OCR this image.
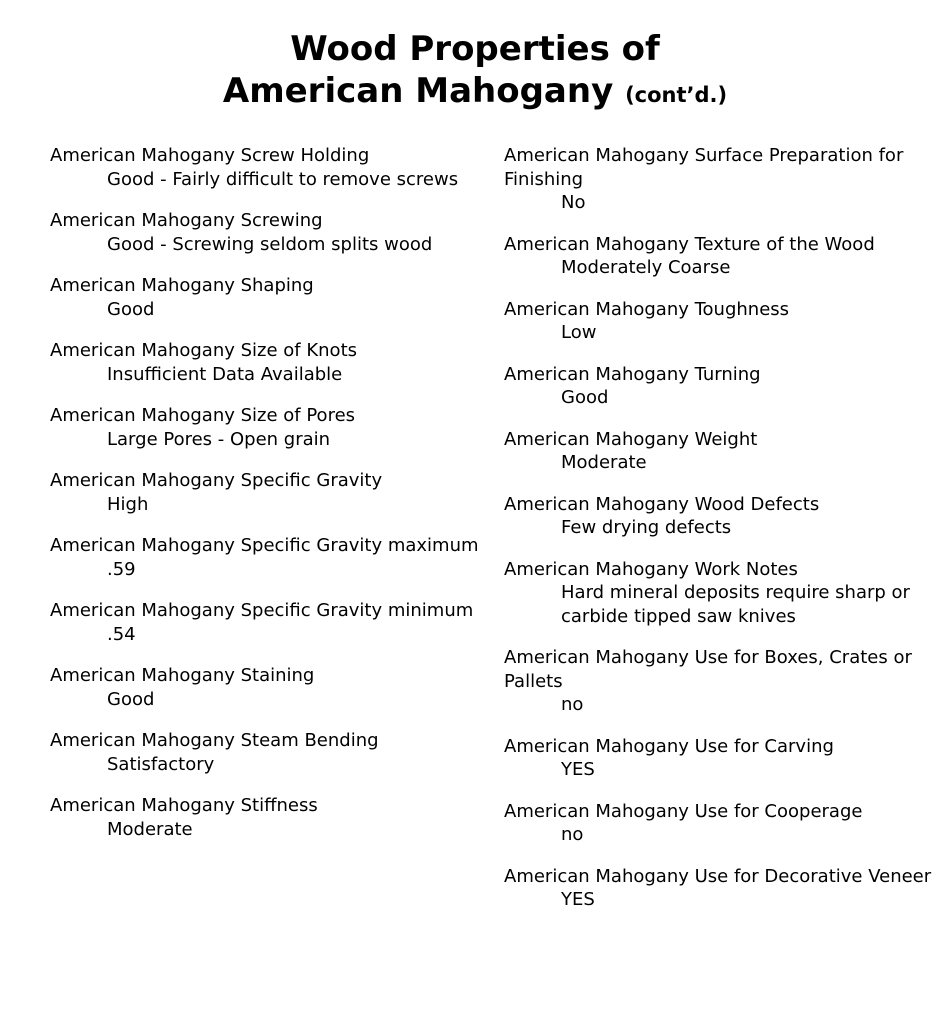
Wood Properties of
American Mahogany (cont’d.)
American Mahogany Screw Holding
Good - Fairly difficult to remove screws
American Mahogany Screwing
Good - Screwing seldom splits wood
American Mahogany Shaping
Good
American Mahogany Size of Knots
Insufficient Data Available
American Mahogany Size of Pores
Large Pores - Open grain
American Mahogany Specific Gravity
High
American Mahogany Specific Gravity maximum
.59
American Mahogany Specific Gravity minimum
.54
American Mahogany Staining
Good
American Mahogany Steam Bending
Satisfactory
American Mahogany Stiffness
Moderate
American Mahogany Surface Preparation for Finishing
No
American Mahogany Texture of the Wood
Moderately Coarse
American Mahogany Toughness
Low
American Mahogany Turning
Good
American Mahogany Weight
Moderate
American Mahogany Wood Defects
Few drying defects
American Mahogany Work Notes
Hard mineral deposits require sharp or carbide tipped saw knives
American Mahogany Use for Boxes, Crates or Pallets
no
American Mahogany Use for Carving
YES
American Mahogany Use for Cooperage
no
American Mahogany Use for Decorative Veneer
YES
